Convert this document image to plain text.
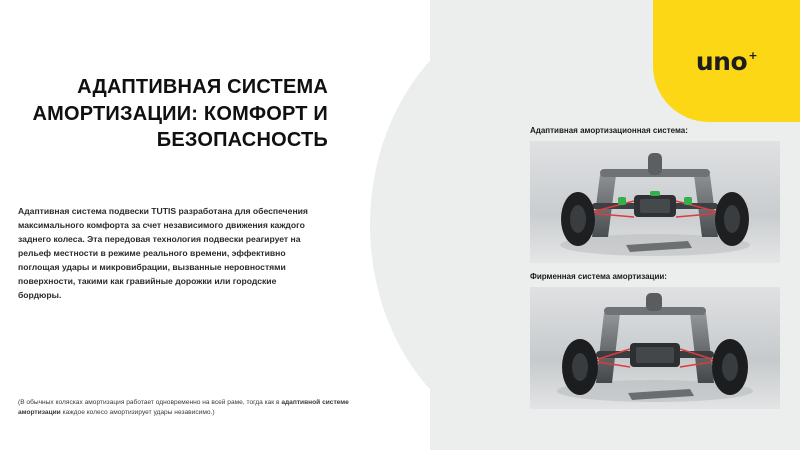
uno +
АДАПТИВНАЯ СИСТЕМА АМОРТИЗАЦИИ: КОМФОРТ И БЕЗОПАСНОСТЬ
Адаптивная система подвески TUTIS разработана для обеспечения максимального комфорта за счет независимого движения каждого заднего колеса. Эта передовая технология подвески реагирует на рельеф местности в режиме реального времени, эффективно поглощая удары и микровибрации, вызванные неровностями поверхности, такими как гравийные дорожки или городские бордюры.
(В обычных колясках амортизация работает одновременно на всей раме, тогда как в адаптивной системе амортизации каждое колесо амортизирует удары независимо.)
Адаптивная амортизационная система:
Фирменная система амортизации:
